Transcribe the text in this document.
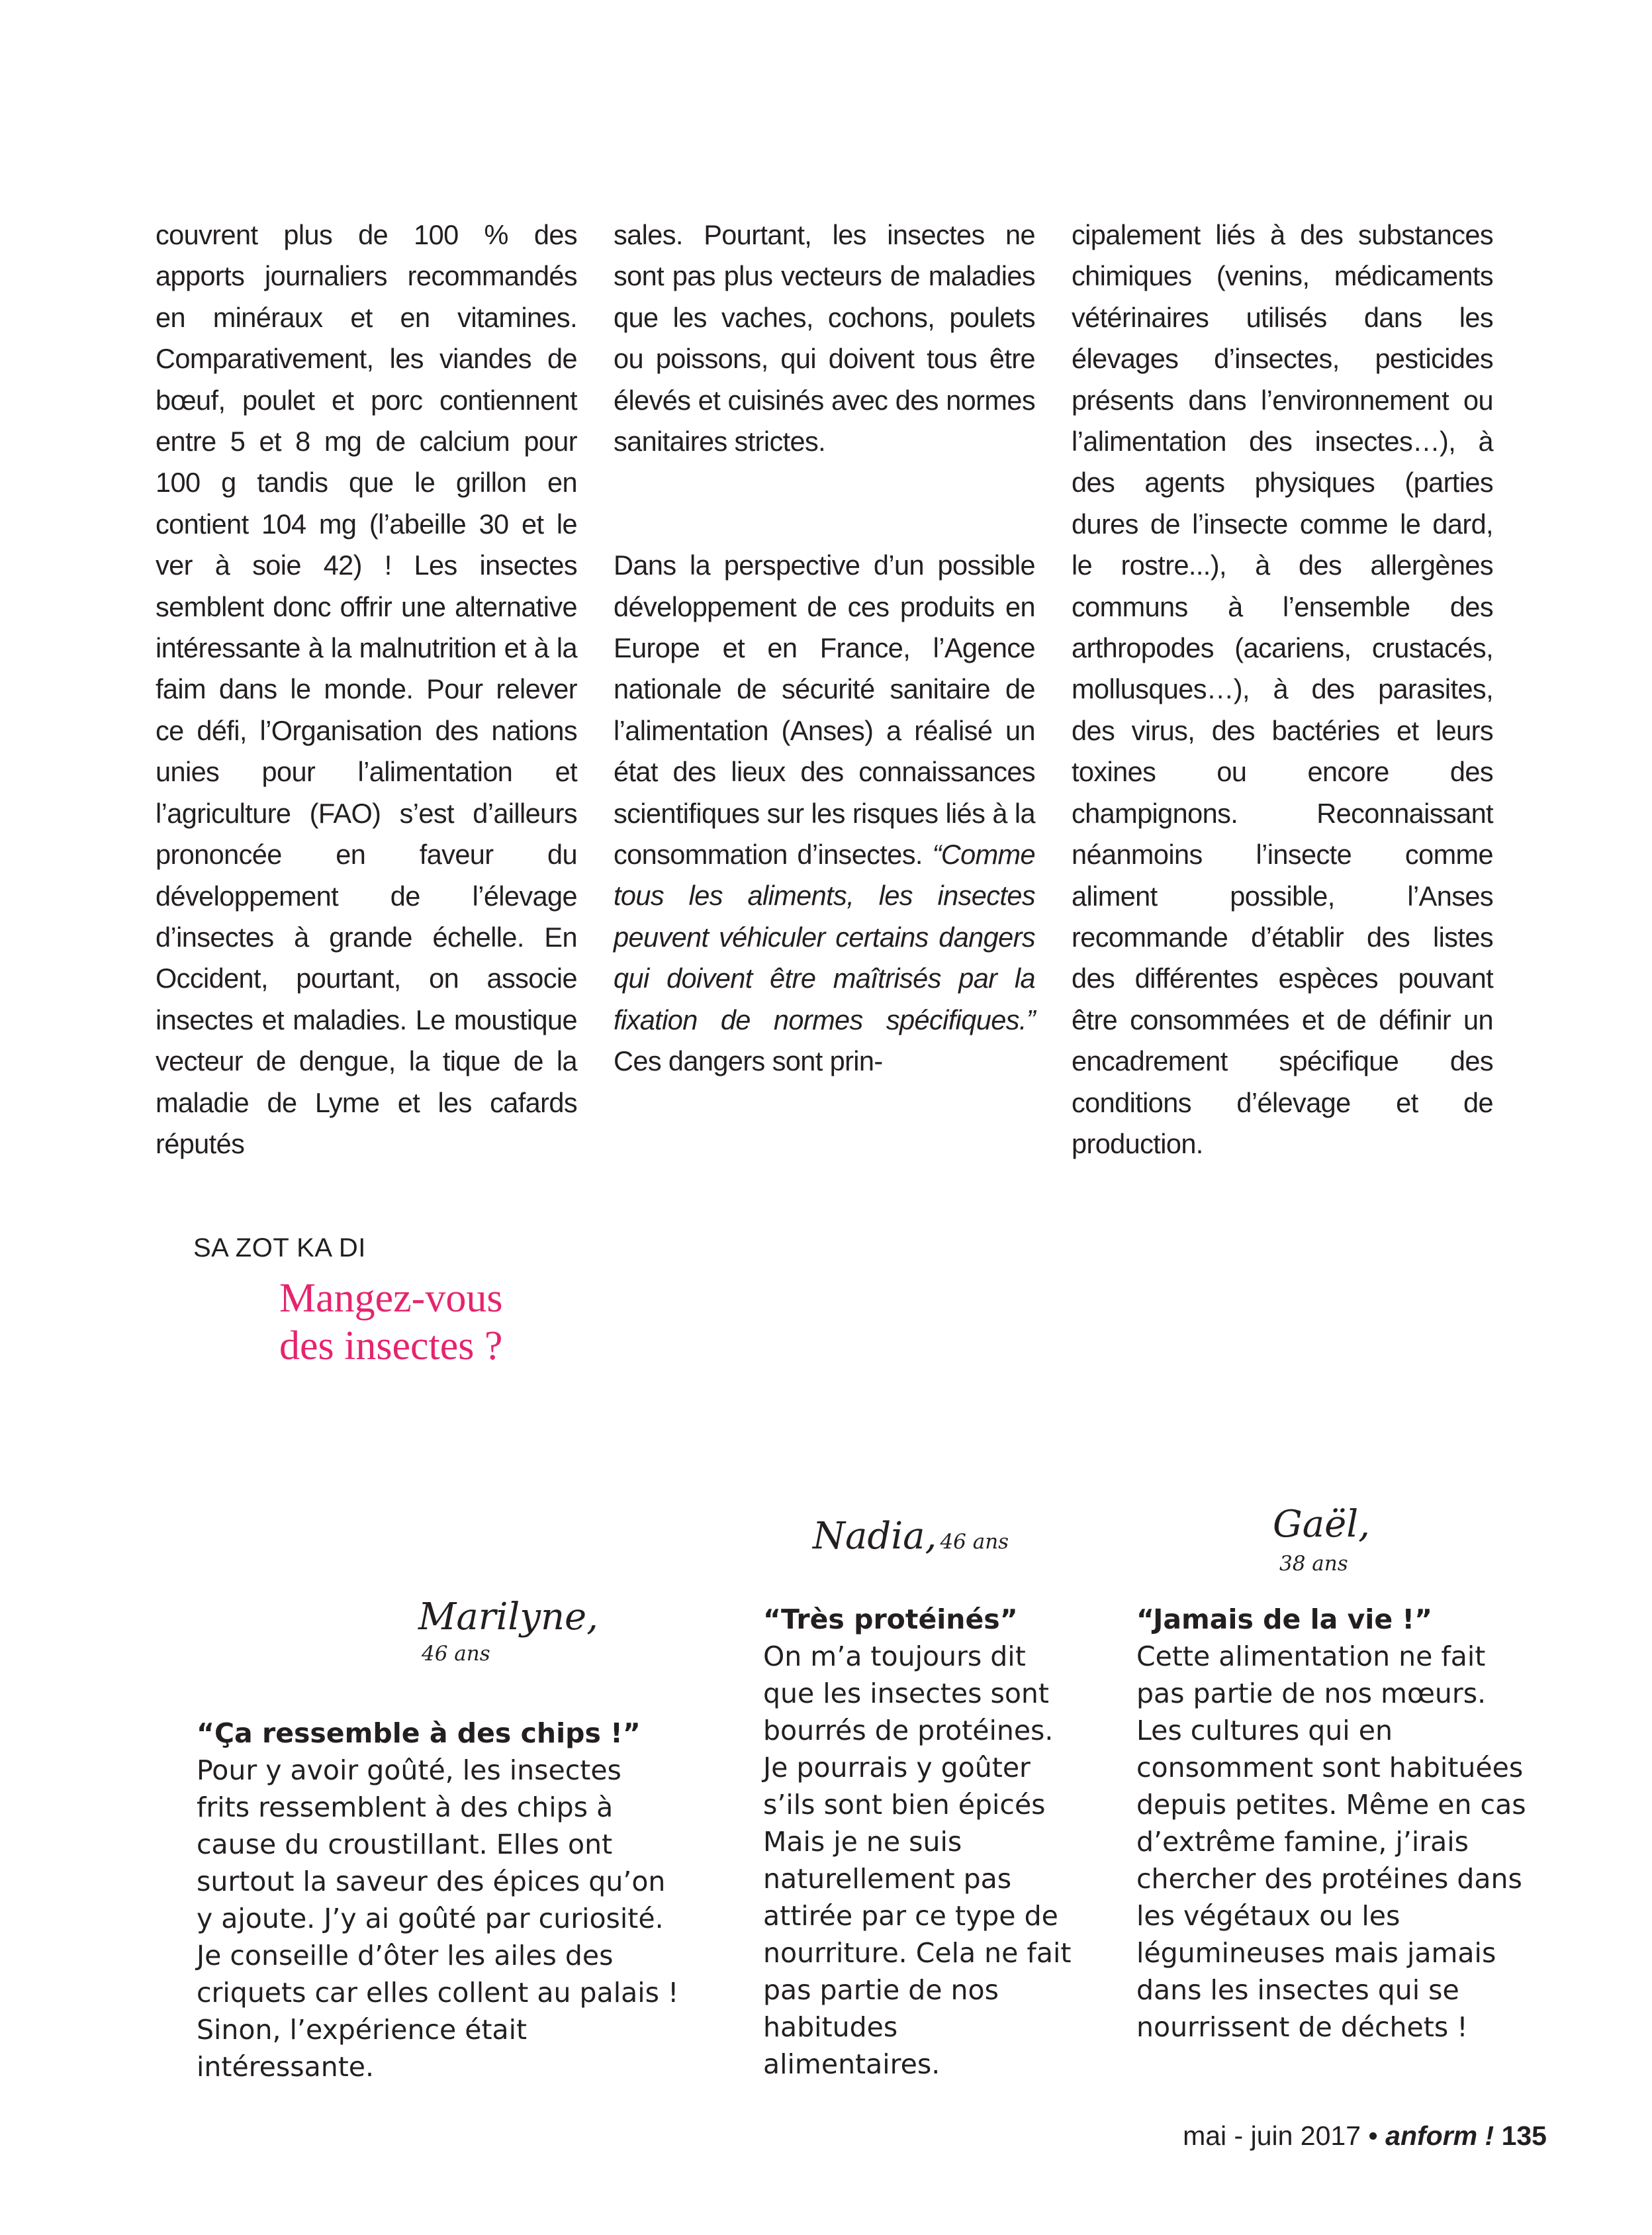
couvrent plus de 100 % des apports journaliers recommandés en minéraux et en vitamines. Comparativement, les viandes de bœuf, poulet et porc contiennent entre 5 et 8 mg de calcium pour 100 g tandis que le grillon en contient 104 mg (l’abeille 30 et le ver à soie 42) ! Les insectes semblent donc offrir une alternative intéressante à la malnutrition et à la faim dans le monde. Pour relever ce défi, l’Organisation des nations unies pour l’alimentation et l’agriculture (FAO) s’est d’ailleurs prononcée en faveur du développement de l’élevage d’insectes à grande échelle. En Occident, pourtant, on associe insectes et maladies. Le moustique vecteur de dengue, la tique de la maladie de Lyme et les cafards réputés

sales. Pourtant, les insectes ne sont pas plus vecteurs de maladies que les vaches, cochons, poulets ou poissons, qui doivent tous être élevés et cuisinés avec des normes sanitaires strictes.

Dans la perspective d’un possible développement de ces produits en Europe et en France, l’Agence nationale de sécurité sanitaire de l’alimentation (Anses) a réalisé un état des lieux des connaissances scientifiques sur les risques liés à la consommation d’insectes. “Comme tous les aliments, les insectes peuvent véhiculer certains dangers qui doivent être maîtrisés par la fixation de normes spécifiques.” Ces dangers sont prin-

cipalement liés à des substances chimiques (venins, médicaments vétérinaires utilisés dans les élevages d’insectes, pesticides présents dans l’environnement ou l’alimentation des insectes…), à des agents physiques (parties dures de l’insecte comme le dard, le rostre...), à des allergènes communs à l’ensemble des arthropodes (acariens, crustacés, mollusques…), à des parasites, des virus, des bactéries et leurs toxines ou encore des champignons. Reconnaissant néanmoins l’insecte comme aliment possible, l’Anses recommande d’établir des listes des différentes espèces pouvant être consommées et de définir un encadrement spécifique des conditions d’élevage et de production.

SA ZOT KA DI
Mangez-vous
des insectes ?
Marilyne,
46 ans
“Ça ressemble à des chips !”
Pour y avoir goûté, les insectes frits ressemblent à des chips à cause du croustillant. Elles ont surtout la saveur des épices qu’on y ajoute. J’y ai goûté par curiosité. Je conseille d’ôter les ailes des criquets car elles collent au palais ! Sinon, l’expérience était intéressante.
Nadia, 46 ans
“Très protéinés”
On m’a toujours dit que les insectes sont bourrés de protéines. Je pourrais y goûter s’ils sont bien épicés Mais je ne suis naturellement pas attirée par ce type de nourriture. Cela ne fait pas partie de nos habitudes alimentaires.
Gaël,
38 ans
“Jamais de la vie !”
Cette alimentation ne fait pas partie de nos mœurs. Les cultures qui en consomment sont habituées depuis petites. Même en cas d’extrême famine, j’irais chercher des protéines dans les végétaux ou les légumineuses mais jamais dans les insectes qui se nourrissent de déchets !
mai - juin 2017 • anform ! 135
